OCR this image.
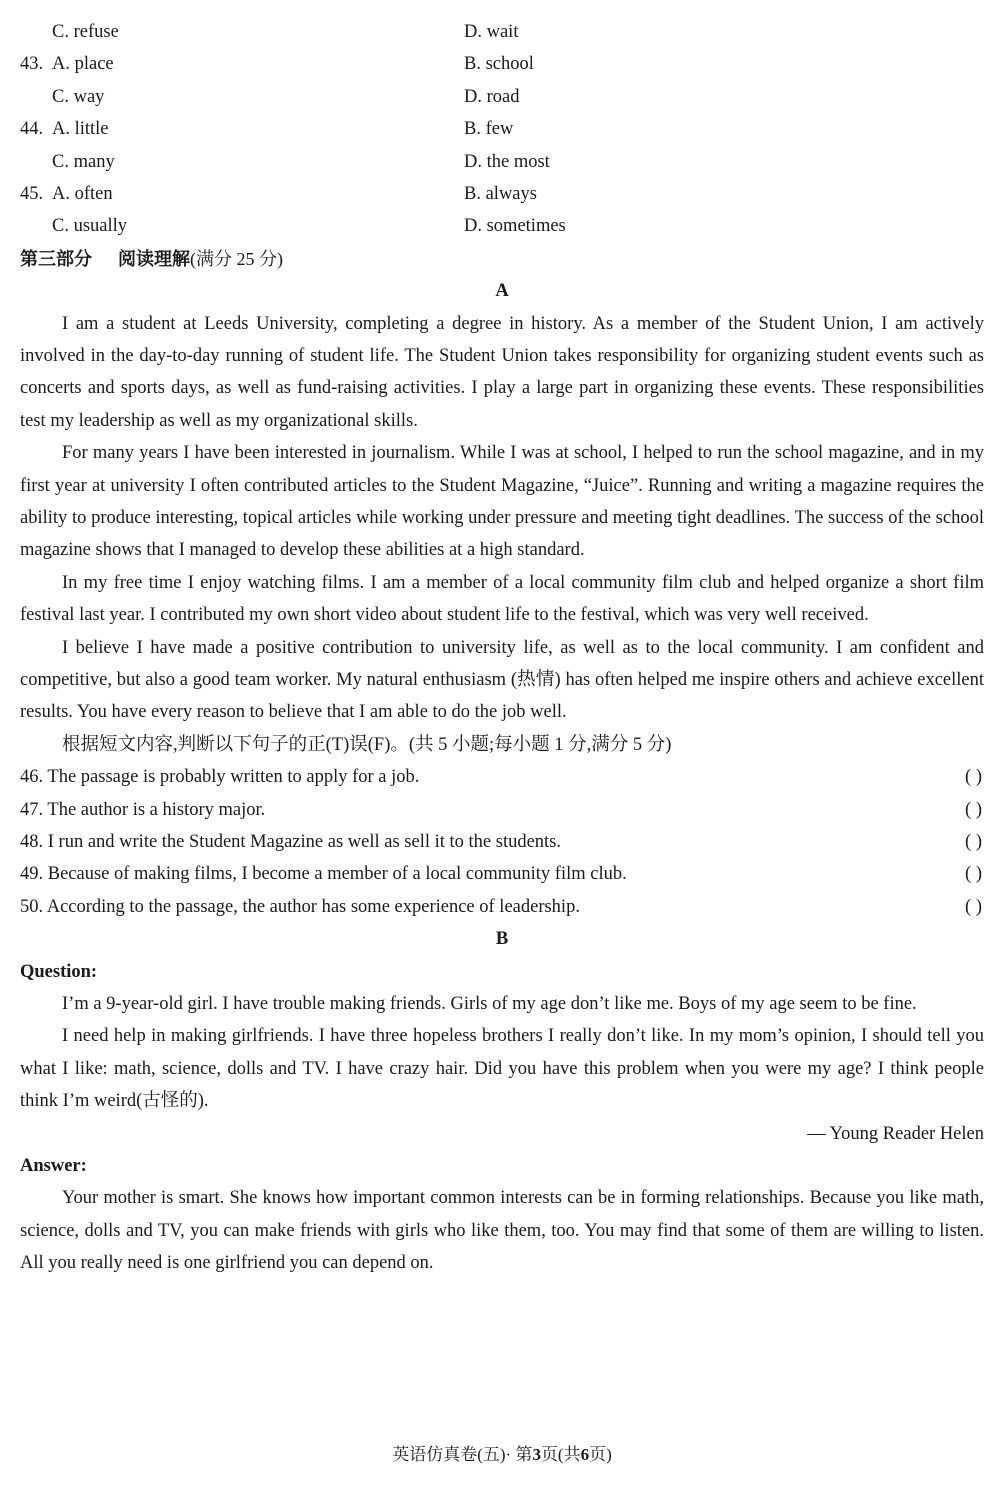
C. refuse	D. wait
43. A. place	B. school
C. way	D. road
44. A. little	B. few
C. many	D. the most
45. A. often	B. always
C. usually	D. sometimes
第三部分 阅读理解(满分 25 分)
A

I am a student at Leeds University, completing a degree in history. As a member of the Student Union, I am actively involved in the day-to-day running of student life. The Student Union takes responsibility for organizing student events such as concerts and sports days, as well as fund-raising activities. I play a large part in organizing these events. These responsibilities test my leadership as well as my organizational skills.

For many years I have been interested in journalism. While I was at school, I helped to run the school magazine, and in my first year at university I often contributed articles to the Student Magazine, “Juice”. Running and writing a magazine requires the ability to produce interesting, topical articles while working under pressure and meeting tight deadlines. The success of the school magazine shows that I managed to develop these abilities at a high standard.

In my free time I enjoy watching films. I am a member of a local community film club and helped organize a short film festival last year. I contributed my own short video about student life to the festival, which was very well received.

I believe I have made a positive contribution to university life, as well as to the local community. I am confident and competitive, but also a good team worker. My natural enthusiasm (热情) has often helped me inspire others and achieve excellent results. You have every reason to believe that I am able to do the job well.

根据短文内容,判断以下句子的正(T)误(F)。(共 5 小题;每小题 1 分,满分 5 分)
46. The passage is probably written to apply for a job.	( )
47. The author is a history major.	( )
48. I run and write the Student Magazine as well as sell it to the students.	( )
49. Because of making films, I become a member of a local community film club.	( )
50. According to the passage, the author has some experience of leadership.	( )
B
Question:

I’m a 9-year-old girl. I have trouble making friends. Girls of my age don’t like me. Boys of my age seem to be fine.

I need help in making girlfriends. I have three hopeless brothers I really don’t like. In my mom’s opinion, I should tell you what I like: math, science, dolls and TV. I have crazy hair. Did you have this problem when you were my age? I think people think I’m weird(古怪的).

— Young Reader Helen
Answer:

Your mother is smart. She knows how important common interests can be in forming relationships. Because you like math, science, dolls and TV, you can make friends with girls who like them, too. You may find that some of them are willing to listen. All you really need is one girlfriend you can depend on.

英语仿真卷(五)· 第3页(共6页)
